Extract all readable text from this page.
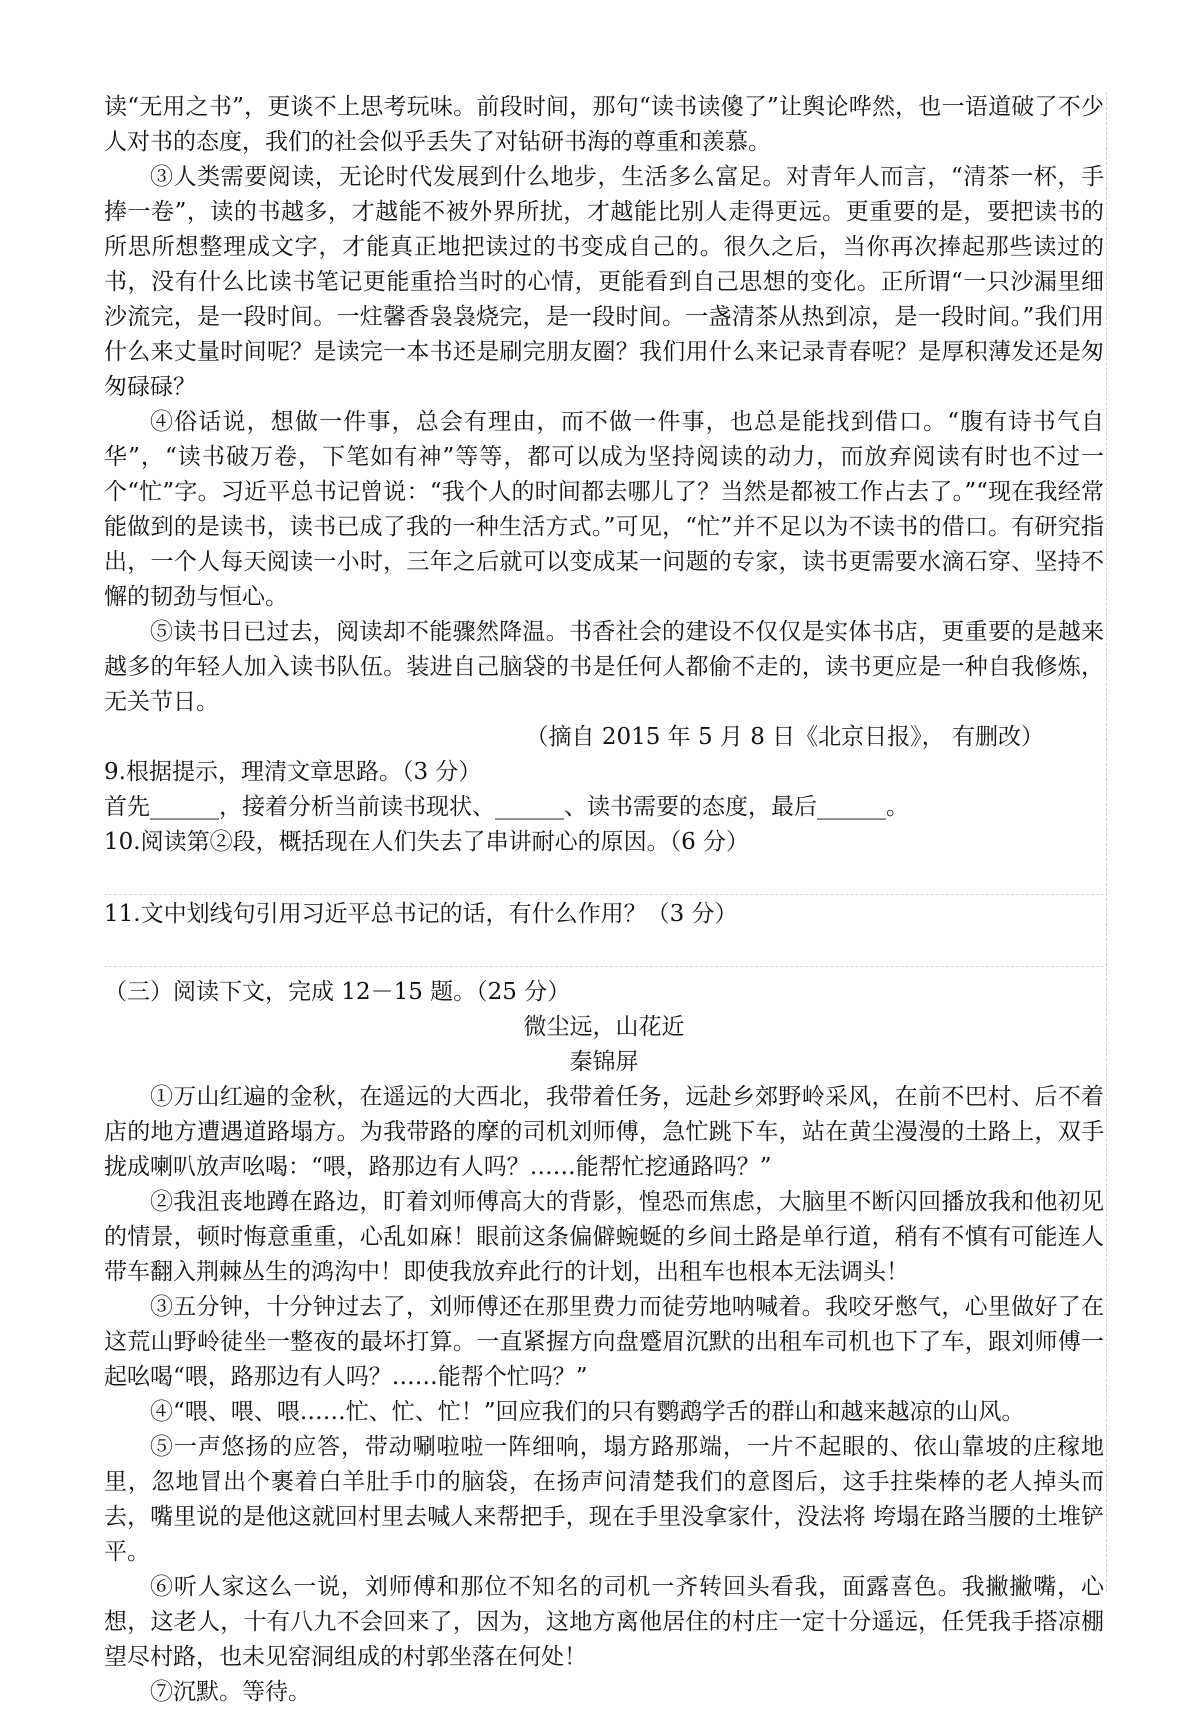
读“无用之书”，更谈不上思考玩味。前段时间，那句“读书读傻了”让舆论哗然，也一语道破了不少人对书的态度，我们的社会似乎丢失了对钻研书海的尊重和羡慕。

③人类需要阅读，无论时代发展到什么地步，生活多么富足。对青年人而言，“清茶一杯，手捧一卷”，读的书越多，才越能不被外界所扰，才越能比别人走得更远。更重要的是，要把读书的所思所想整理成文字，才能真正地把读过的书变成自己的。很久之后，当你再次捧起那些读过的书，没有什么比读书笔记更能重拾当时的心情，更能看到自己思想的变化。正所谓“一只沙漏里细沙流完，是一段时间。一炷馨香袅袅烧完，是一段时间。一盏清茶从热到凉，是一段时间。”我们用什么来丈量时间呢？是读完一本书还是刷完朋友圈？我们用什么来记录青春呢？是厚积薄发还是匆匆碌碌？

④俗话说，想做一件事，总会有理由，而不做一件事，也总是能找到借口。“腹有诗书气自华”，“读书破万卷，下笔如有神”等等，都可以成为坚持阅读的动力，而放弃阅读有时也不过一个“忙”字。习近平总书记曾说：“我个人的时间都去哪儿了？当然是都被工作占去了。”“现在我经常能做到的是读书，读书已成了我的一种生活方式。”可见，“忙”并不足以为不读书的借口。有研究指出，一个人每天阅读一小时，三年之后就可以变成某一问题的专家，读书更需要水滴石穿、坚持不懈的韧劲与恒心。

⑤读书日已过去，阅读却不能骤然降温。书香社会的建设不仅仅是实体书店，更重要的是越来越多的年轻人加入读书队伍。装进自己脑袋的书是任何人都偷不走的，读书更应是一种自我修炼，无关节日。

（摘自 2015 年 5 月 8 日《北京日报》， 有删改）

9.根据提示，理清文章思路。（3 分）

首先______，接着分析当前读书现状、______、读书需要的态度，最后______。

10.阅读第②段，概括现在人们失去了串讲耐心的原因。（6 分）

11.文中划线句引用习近平总书记的话，有什么作用？（3 分）

（三）阅读下文，完成 12－15 题。（25 分）

微尘远，山花近

秦锦屏

①万山红遍的金秋，在遥远的大西北，我带着任务，远赴乡郊野岭采风，在前不巴村、后不着店的地方遭遇道路塌方。为我带路的摩的司机刘师傅，急忙跳下车，站在黄尘漫漫的土路上，双手拢成喇叭放声吆喝：“喂，路那边有人吗？……能帮忙挖通路吗？”

②我沮丧地蹲在路边，盯着刘师傅高大的背影，惶恐而焦虑，大脑里不断闪回播放我和他初见的情景，顿时悔意重重，心乱如麻！眼前这条偏僻蜿蜒的乡间土路是单行道，稍有不慎有可能连人带车翻入荆棘丛生的鸿沟中！即使我放弃此行的计划，出租车也根本无法调头！

③五分钟，十分钟过去了，刘师傅还在那里费力而徒劳地呐喊着。我咬牙憋气，心里做好了在这荒山野岭徒坐一整夜的最坏打算。一直紧握方向盘蹙眉沉默的出租车司机也下了车，跟刘师傅一起吆喝“喂，路那边有人吗？……能帮个忙吗？”

④“喂、喂、喂……忙、忙、忙！”回应我们的只有鹦鹉学舌的群山和越来越凉的山风。

⑤一声悠扬的应答，带动唰啦啦一阵细响，塌方路那端，一片不起眼的、依山靠坡的庄稼地里，忽地冒出个裹着白羊肚手巾的脑袋，在扬声问清楚我们的意图后，这手拄柴棒的老人掉头而去，嘴里说的是他这就回村里去喊人来帮把手，现在手里没拿家什，没法将 垮塌在路当腰的土堆铲平。

⑥听人家这么一说，刘师傅和那位不知名的司机一齐转回头看我，面露喜色。我撇撇嘴，心想，这老人，十有八九不会回来了，因为，这地方离他居住的村庄一定十分遥远，任凭我手搭凉棚望尽村路，也未见窑洞组成的村郭坐落在何处！

⑦沉默。等待。
